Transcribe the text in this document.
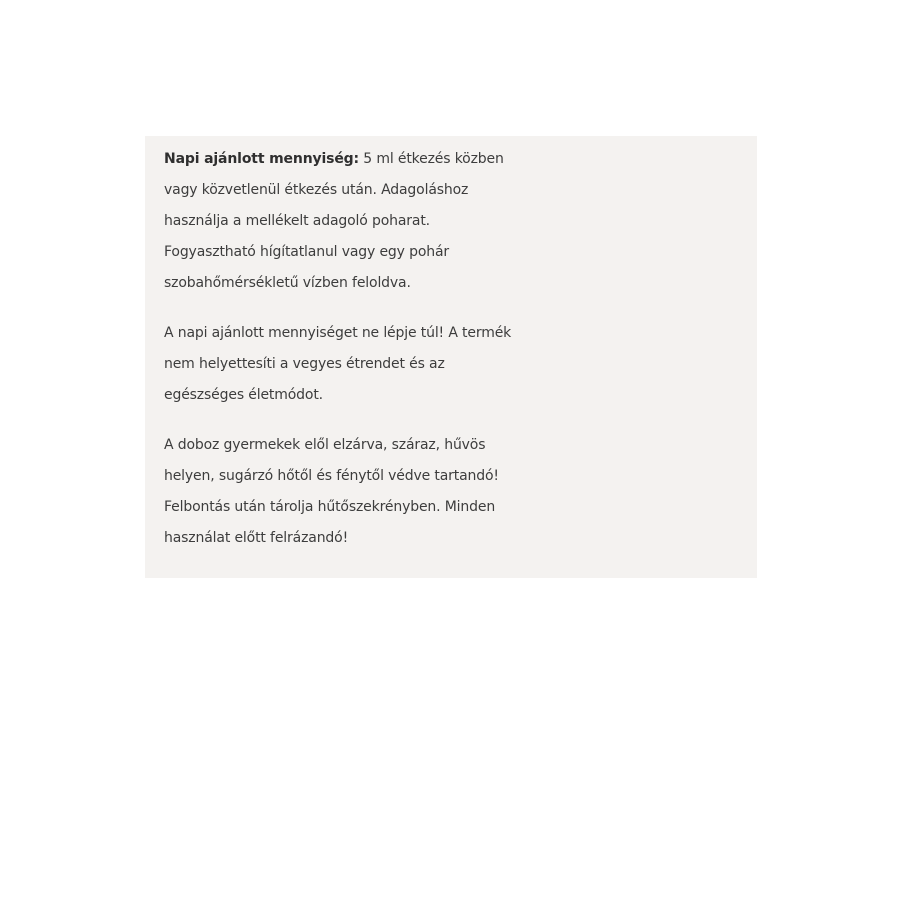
Napi ajánlott mennyiség: 5 ml étkezés közben
vagy közvetlenül étkezés után. Adagoláshoz
használja a mellékelt adagoló poharat.
Fogyasztható hígítatlanul vagy egy pohár
szobahőmérsékletű vízben feloldva.

A napi ajánlott mennyiséget ne lépje túl! A termék
nem helyettesíti a vegyes étrendet és az
egészséges életmódot.

A doboz gyermekek elől elzárva, száraz, hűvös
helyen, sugárzó hőtől és fénytől védve tartandó!
Felbontás után tárolja hűtőszekrényben. Minden
használat előtt felrázandó!
